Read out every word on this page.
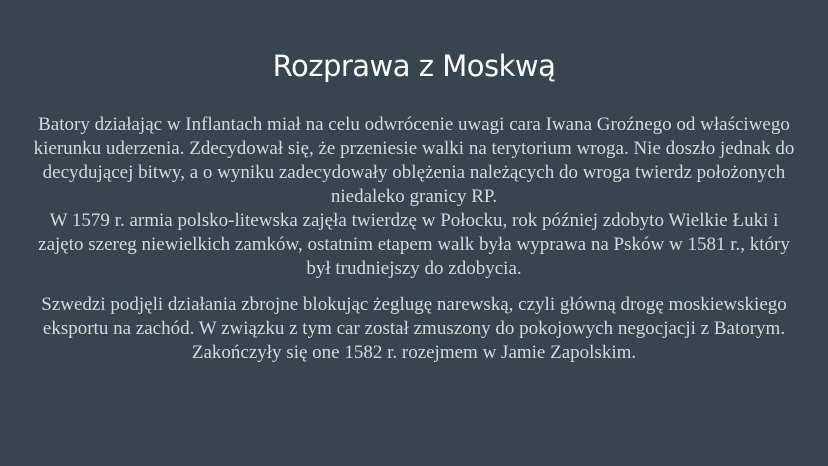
Rozprawa z Moskwą

Batory działając w Inflantach miał na celu odwrócenie uwagi cara Iwana Groźnego od właściwego kierunku uderzenia. Zdecydował się, że przeniesie walki na terytorium wroga. Nie doszło jednak do decydującej bitwy, a o wyniku zadecydowały oblężenia należących do wroga twierdz położonych niedaleko granicy RP.
W 1579 r. armia polsko-litewska zajęła twierdzę w Połocku, rok później zdobyto Wielkie Łuki i zajęto szereg niewielkich zamków, ostatnim etapem walk była wyprawa na Psków w 1581 r., który był trudniejszy do zdobycia.

Szwedzi podjęli działania zbrojne blokując żeglugę narewską, czyli główną drogę moskiewskiego eksportu na zachód. W związku z tym car został zmuszony do pokojowych negocjacji z Batorym. Zakończyły się one 1582 r. rozejmem w Jamie Zapolskim.
